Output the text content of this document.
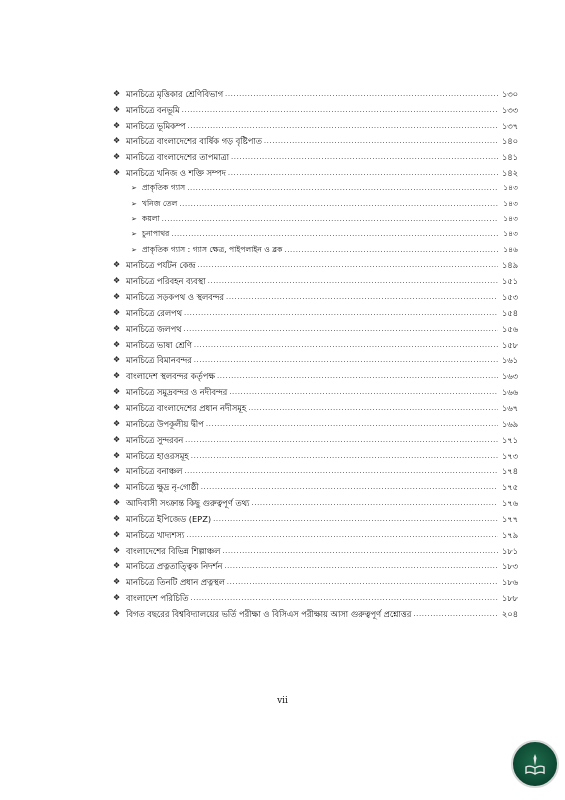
❖ মানচিত্রে মৃত্তিকার শ্রেণিবিভাগ .....	১৩০
❖ মানচিত্রে বনভূমি .....	১৩৩
❖ মানচিত্রে ভূমিকম্প .....	১৩৭
❖ মানচিত্রে বাংলাদেশের বার্ষিক গড় বৃষ্টিপাত .....	১৪০
❖ মানচিত্রে বাংলাদেশের তাপমাত্রা .....	১৪১
❖ মানচিত্রে খনিজ ও শক্তি সম্পদ .....	১৪২
➢ প্রাকৃতিক গ্যাস .....	১৪৩
➢ খনিজ তেল .....	১৪৩
➢ কয়লা .....	১৪৩
➢ চুনাপাথর .....	১৪৩
➢ প্রাকৃতিক গ্যাস : গ্যাস ক্ষেত্র, পাইপলাইন ও ব্লক .....	১৪৬
❖ মানচিত্রে পর্যটন কেন্দ্র .....	১৪৯
❖ মানচিত্রে পরিবহন ব্যবস্থা .....	১৫১
❖ মানচিত্রে সড়কপথ ও স্থলবন্দর .....	১৫৩
❖ মানচিত্রে রেলপথ .....	১৫৪
❖ মানচিত্রে জলপথ .....	১৫৬
❖ মানচিত্রে ভাষা শ্রেণি .....	১৫৮
❖ মানচিত্রে বিমানবন্দর .....	১৬১
❖ বাংলাদেশ স্থলবন্দর কর্তৃপক্ষ .....	১৬৩
❖ মানচিত্রে সমুদ্রবন্দর ও নদীবন্দর .....	১৬৬
❖ মানচিত্রে বাংলাদেশের প্রধান নদীসমূহ .....	১৬৭
❖ মানচিত্রে উপকূলীয় দ্বীপ .....	১৬৯
❖ মানচিত্রে সুন্দরবন .....	১৭১
❖ মানচিত্রে হাওরসমূহ .....	১৭৩
❖ মানচিত্রে বনাঞ্চল .....	১৭৪
❖ মানচিত্রে ক্ষুদ্র নৃ-গোষ্ঠী .....	১৭৫
❖ আদিবাসী সংক্রান্ত কিছু গুরুত্বপূর্ণ তথ্য .....	১৭৬
❖ মানচিত্রে ইপিজেড (EPZ) .....	১৭৭
❖ মানচিত্রে খাদ্যশস্য .....	১৭৯
❖ বাংলাদেশের বিভিন্ন শিল্পাঞ্চল .....	১৮১
❖ মানচিত্রে প্রত্নতাত্ত্বিক নিদর্শন .....	১৮৩
❖ মানচিত্রে তিনটি প্রধান প্রত্নস্থল .....	১৮৬
❖ বাংলাদেশ পরিচিতি .....	১৮৮
❖ বিগত বছরের বিশ্ববিদ্যালয়ের ভর্তি পরীক্ষা ও বিসিএস পরীক্ষায় আসা গুরুত্বপূর্ণ প্রশ্নোত্তর .....	২০৪
vii
